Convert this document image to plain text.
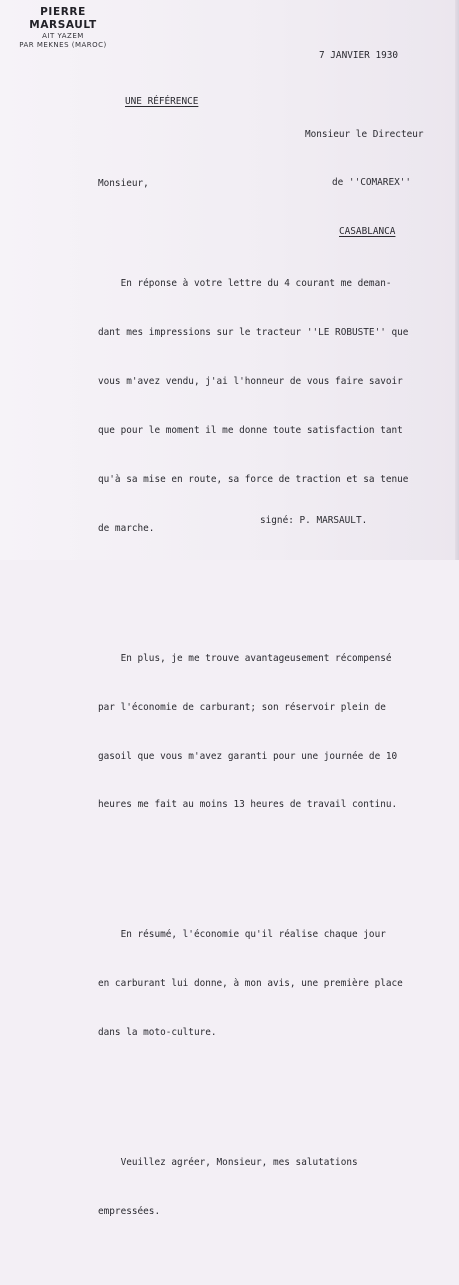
PIERRE MARSAULT
AIT YAZEM
PAR MEKNES (MAROC)
7 JANVIER 1930
UNE RÉFÉRENCE

Monsieur le Directeur

de ''COMAREX''

CASABLANCA

Monsieur,

En réponse à votre lettre du 4 courant me deman-

dant mes impressions sur le tracteur ''LE ROBUSTE'' que

vous m'avez vendu, j'ai l'honneur de vous faire savoir

que pour le moment il me donne toute satisfaction tant

qu'à sa mise en route, sa force de traction et sa tenue

de marche.

En plus, je me trouve avantageusement récompensé

par l'économie de carburant; son réservoir plein de

gasoil que vous m'avez garanti pour une journée de 10

heures me fait au moins 13 heures de travail continu.

En résumé, l'économie qu'il réalise chaque jour

en carburant lui donne, à mon avis, une première place

dans la moto-culture.

Veuillez agréer, Monsieur, mes salutations

empressées.

signé: P. MARSAULT.
